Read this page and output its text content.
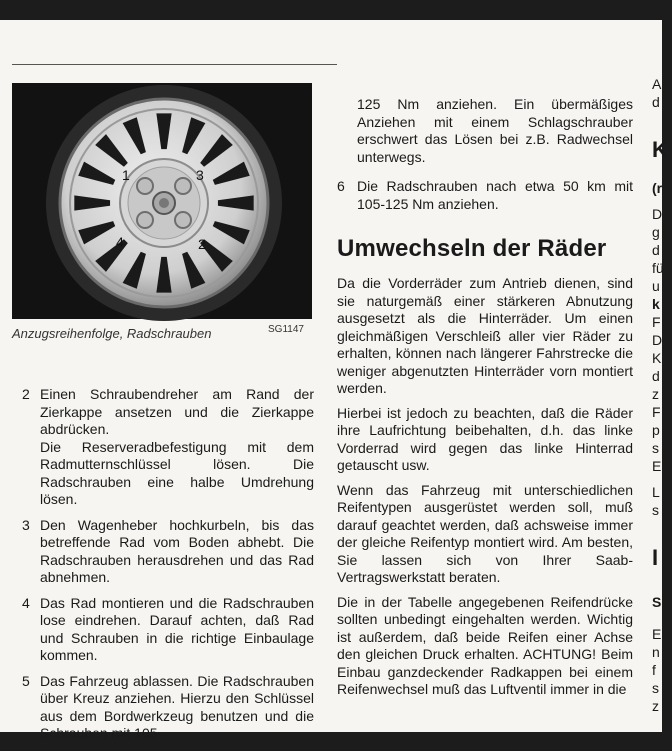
1	3
4	2
Anzugsreihenfolge, Radschrauben	SG1147
2 Einen Schraubendreher am Rand der Zierkappe ansetzen und die Zierkappe abdrücken.
Die Reserveradbefestigung mit dem Radmutternschlüssel lösen. Die Radschrauben eine halbe Umdrehung lösen.
3 Den Wagenheber hochkurbeln, bis das betreffende Rad vom Boden abhebt. Die Radschrauben herausdrehen und das Rad abnehmen.
4 Das Rad montieren und die Radschrauben lose eindrehen. Darauf achten, daß Rad und Schrauben in die richtige Einbaulage kommen.
5 Das Fahrzeug ablassen. Die Radschrauben über Kreuz anziehen. Hierzu den Schlüssel aus dem Bordwerkzeug benutzen und die Schrauben mit 105-
125 Nm anziehen. Ein übermäßiges Anziehen mit einem Schlagschrauber erschwert das Lösen bei z.B. Radwechsel unterwegs.
6 Die Radschrauben nach etwa 50 km mit 105-125 Nm anziehen.
Umwechseln der Räder

Da die Vorderräder zum Antrieb dienen, sind sie naturgemäß einer stärkeren Abnutzung ausgesetzt als die Hinterräder. Um einen gleichmäßigen Verschleiß aller vier Räder zu erhalten, können nach längerer Fahrstrecke die weniger abgenutzten Hinterräder vorn montiert werden.

Hierbei ist jedoch zu beachten, daß die Räder ihre Laufrichtung beibehalten, d.h. das linke Vorderrad wird gegen das linke Hinterrad getauscht usw.

Wenn das Fahrzeug mit unterschiedlichen Reifentypen ausgerüstet werden soll, muß darauf geachtet werden, daß achsweise immer der gleiche Reifentyp montiert wird. Am besten, Sie lassen sich von Ihrer Saab-Vertragswerkstatt beraten.

Die in der Tabelle angegebenen Reifendrücke sollten unbedingt eingehalten werden. Wichtig ist außerdem, daß beide Reifen einer Achse den gleichen Druck erhalten. ACHTUNG! Beim Einbau ganzdeckender Radkappen bei einem Reifenwechsel muß das Luftventil immer in die

A
d
K
(r
D
g
d
fü
u
k
F
D
K
d
z
F
p
s
E
L
s
I
S
E
n
f
s
z
